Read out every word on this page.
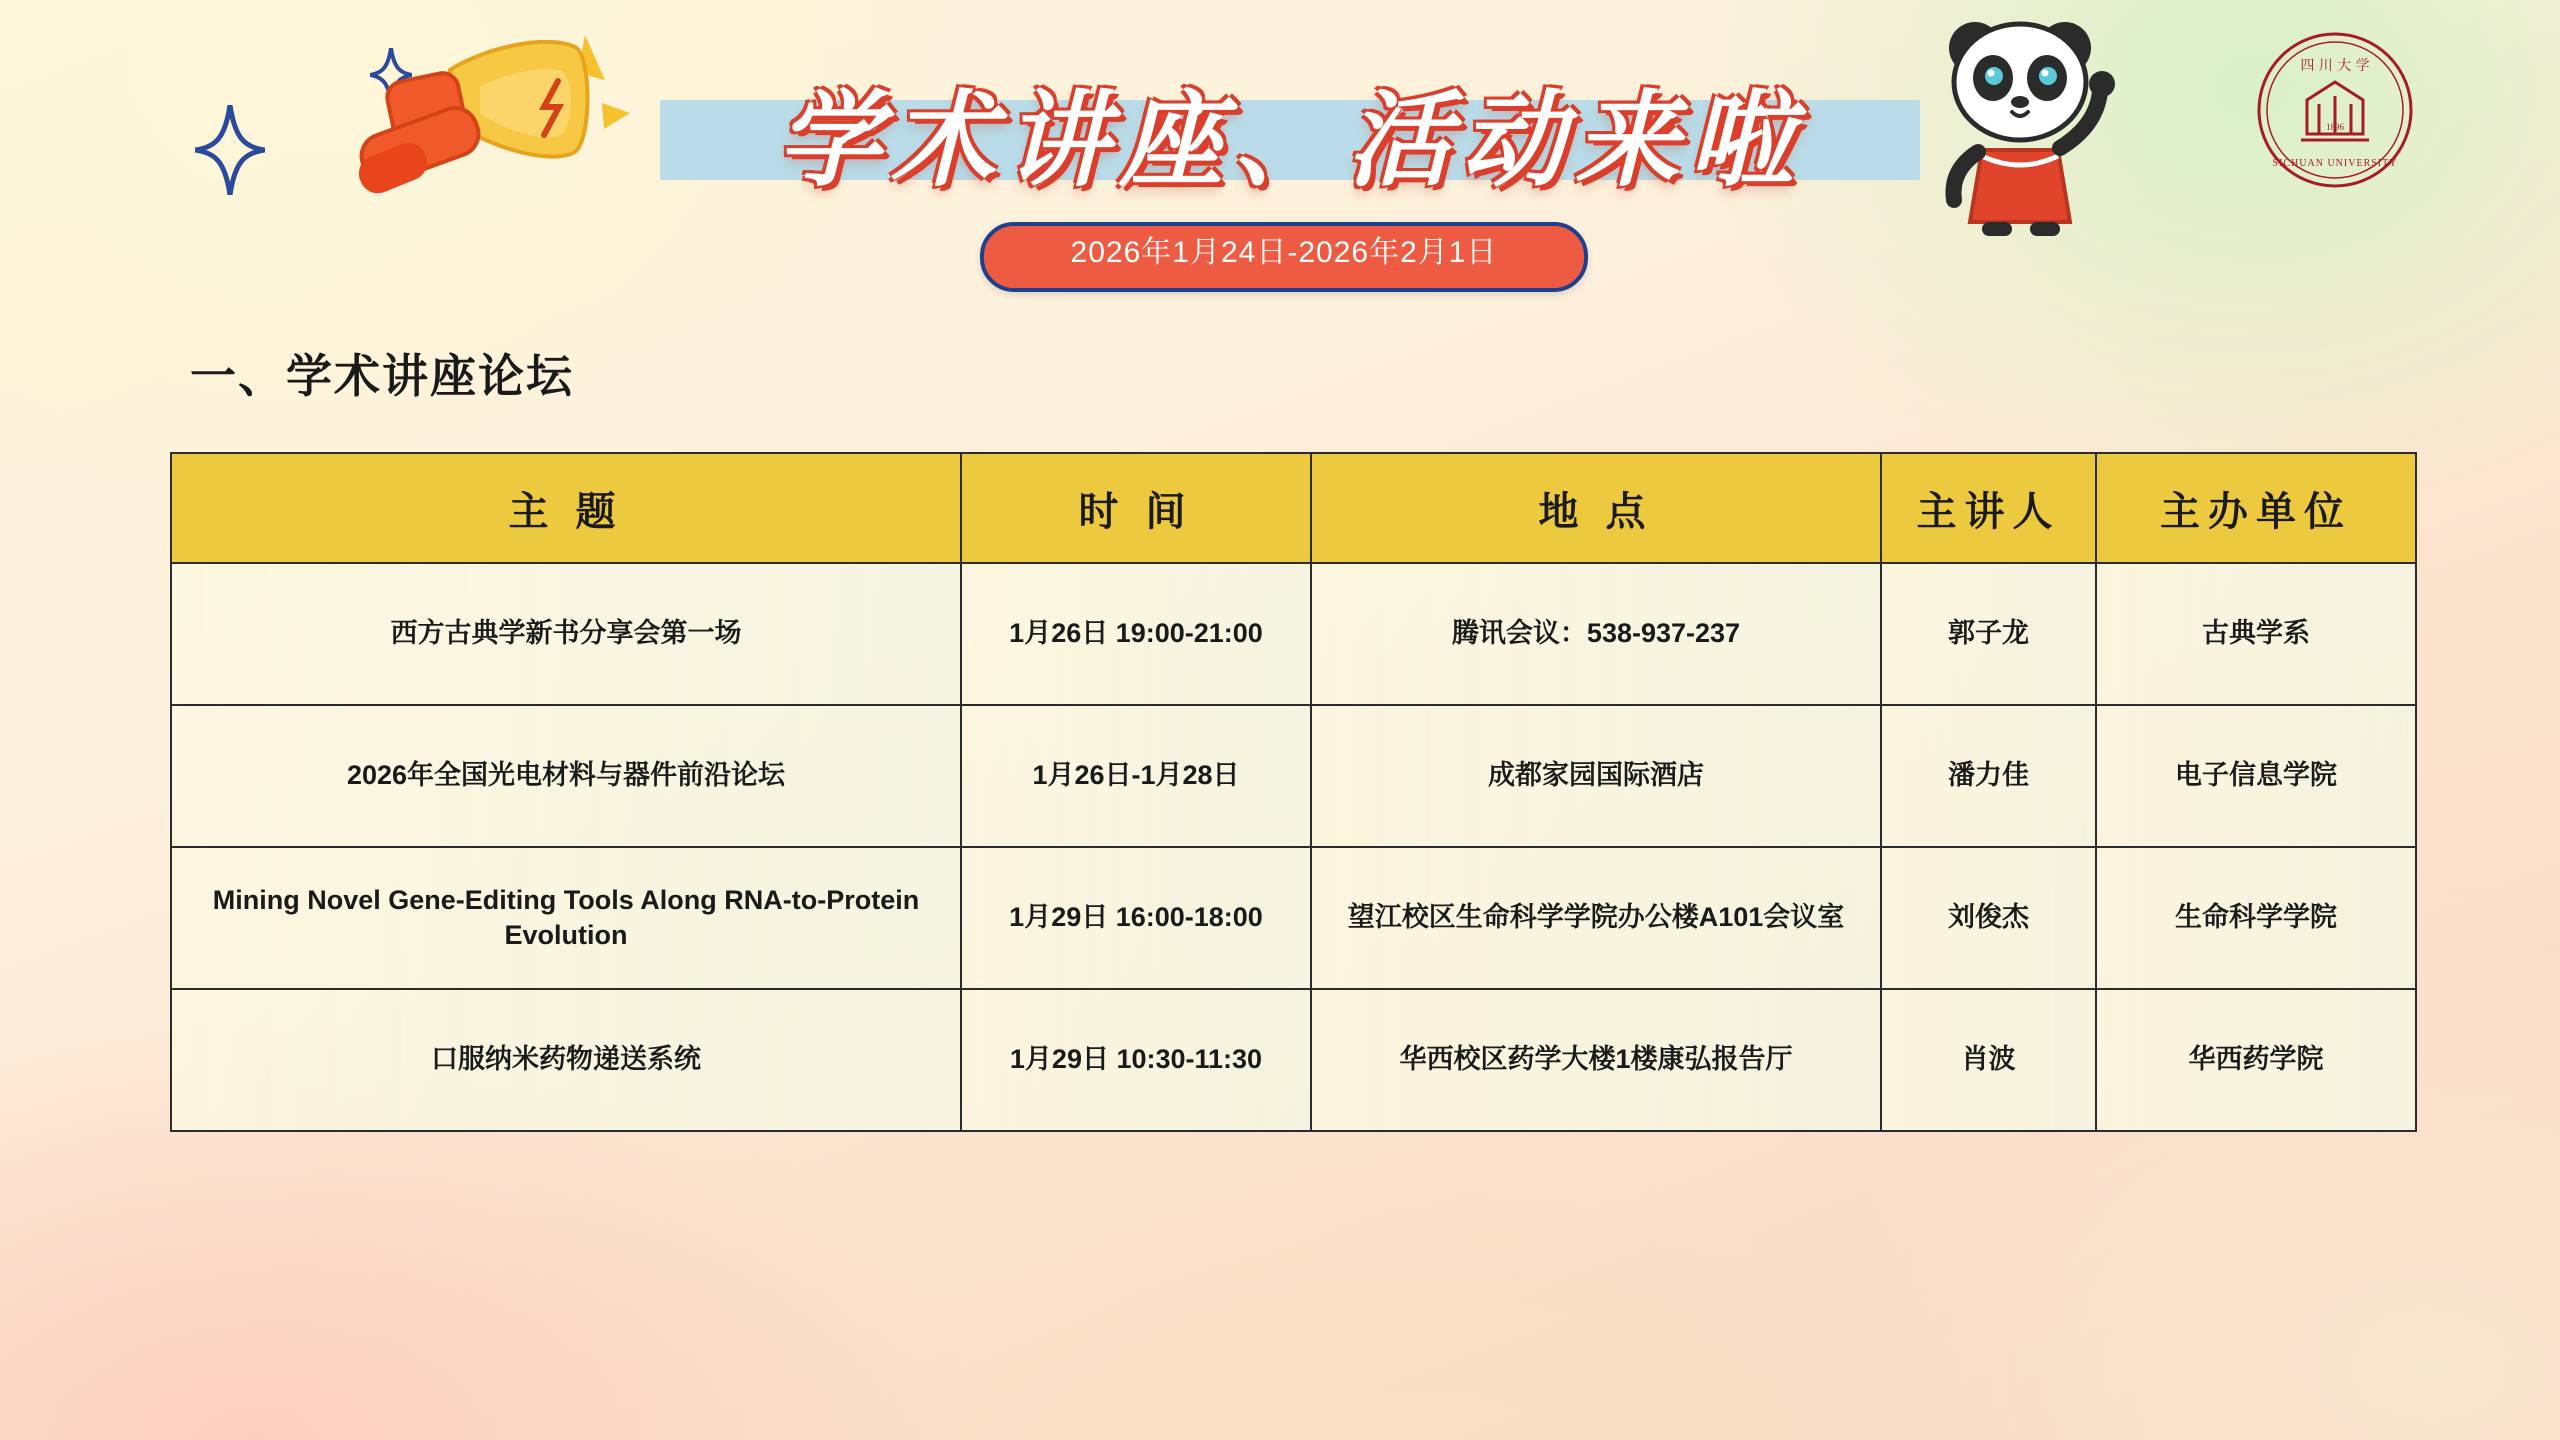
学术讲座、活动来啦
四 川 大 学
SICHUAN UNIVERSITY
1896
2026年1月24日-2026年2月1日
一、学术讲座论坛
主 题	时 间	地 点	主讲人	主办单位
西方古典学新书分享会第一场	1月26日 19:00-21:00	腾讯会议：538-937-237	郭子龙	古典学系
2026年全国光电材料与器件前沿论坛	1月26日-1月28日	成都家园国际酒店	潘力佳	电子信息学院
Mining Novel Gene-Editing Tools Along RNA-to-Protein Evolution	1月29日 16:00-18:00	望江校区生命科学学院办公楼A101会议室	刘俊杰	生命科学学院
口服纳米药物递送系统	1月29日 10:30-11:30	华西校区药学大楼1楼康弘报告厅	肖波	华西药学院
